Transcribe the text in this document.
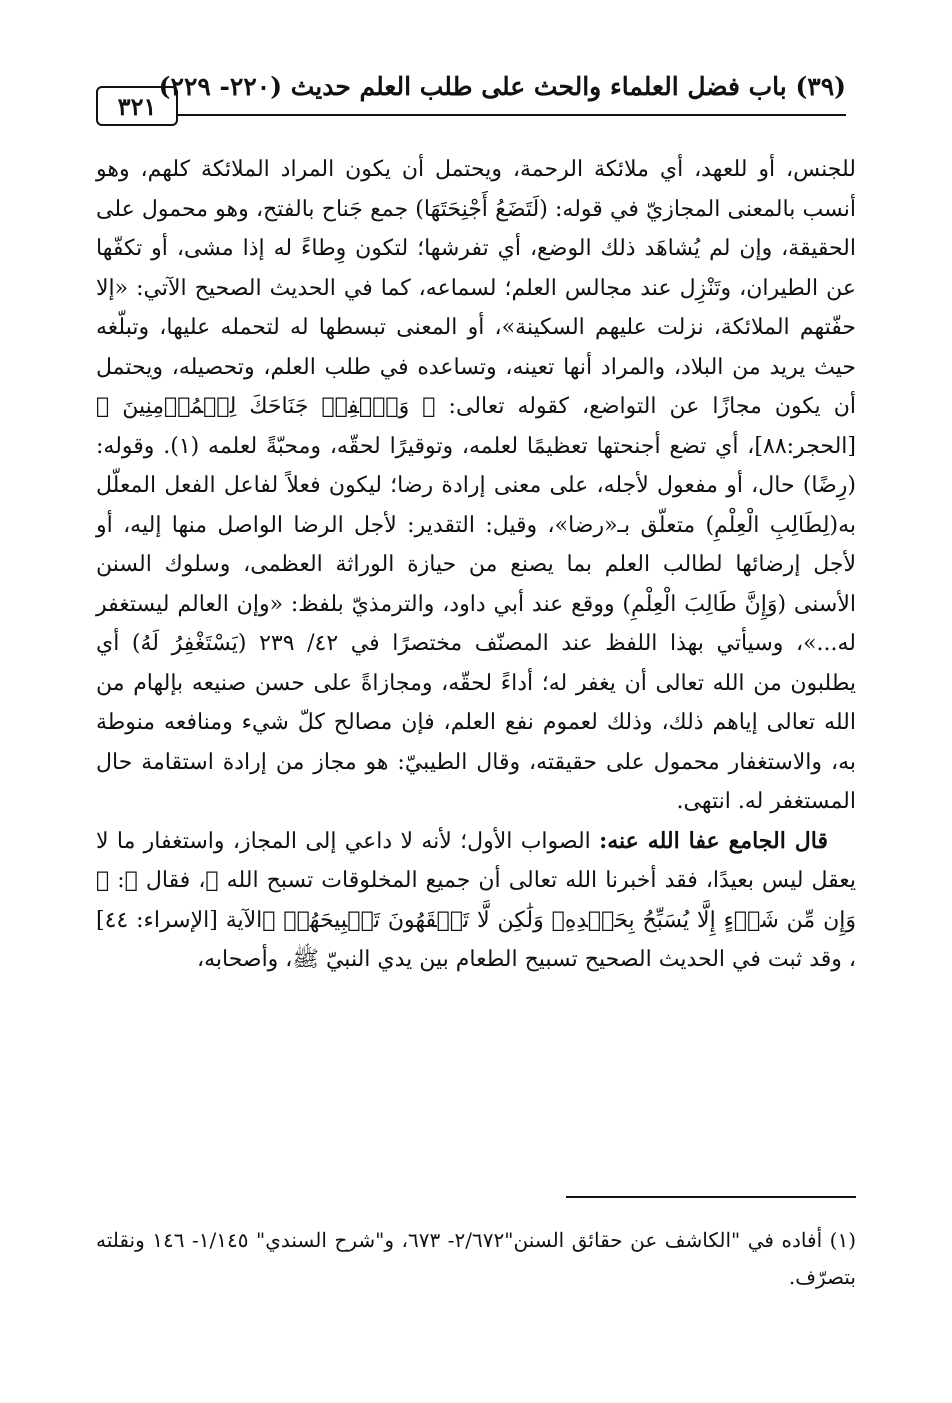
(٣٩) باب فضل العلماء والحث على طلب العلم حديث (٢٢٠- ٢٢٩)
٣٢١

للجنس، أو للعهد، أي ملائكة الرحمة، ويحتمل أن يكون المراد الملائكة كلهم، وهو أنسب بالمعنى المجازيّ في قوله: (لَتَضَعُ أَجْنِحَتَهَا) جمع جَناح بالفتح، وهو محمول على الحقيقة، وإن لم يُشاهَد ذلك الوضع، أي تفرشها؛ لتكون وِطاءً له إذا مشى، أو تكفّها عن الطيران، وتَنْزِل عند مجالس العلم؛ لسماعه، كما في الحديث الصحيح الآتي: «إلا حفّتهم الملائكة، نزلت عليهم السكينة»، أو المعنى تبسطها له لتحمله عليها، وتبلّغه حيث يريد من البلاد، والمراد أنها تعينه، وتساعده في طلب العلم، وتحصيله، ويحتمل أن يكون مجازًا عن التواضع، كقوله تعالى: ﴿ وَٱخۡفِضۡ جَنَاحَكَ لِلۡمُؤۡمِنِينَ ﴾ [الحجر:٨٨]، أي تضع أجنحتها تعظيمًا لعلمه، وتوقيرًا لحقّه، ومحبّةً لعلمه (١). وقوله: (رِضًا) حال، أو مفعول لأجله، على معنى إرادة رضا؛ ليكون فعلاً لفاعل الفعل المعلّل به(لِطَالِبِ الْعِلْمِ) متعلّق بـ«رضا»، وقيل: التقدير: لأجل الرضا الواصل منها إليه، أو لأجل إرضائها لطالب العلم بما يصنع من حيازة الوراثة العظمى، وسلوك السنن الأسنى (وَإِنَّ طَالِبَ الْعِلْمِ) ووقع عند أبي داود، والترمذيّ بلفظ: «وإن العالم ليستغفر له...»، وسيأتي بهذا اللفظ عند المصنّف مختصرًا في ٤٢/ ٢٣٩ (يَسْتَغْفِرُ لَهُ) أي يطلبون من الله تعالى أن يغفر له؛ أداءً لحقّه، ومجازاةً على حسن صنيعه بإلهام من الله تعالى إياهم ذلك، وذلك لعموم نفع العلم، فإن مصالح كلّ شيء ومنافعه منوطة به، والاستغفار محمول على حقيقته، وقال الطيبيّ: هو مجاز من إرادة استقامة حال المستغفر له. انتهى.

قال الجامع عفا الله عنه: الصواب الأول؛ لأنه لا داعي إلى المجاز، واستغفار ما لا يعقل ليس بعيدًا، فقد أخبرنا الله تعالى أن جميع المخلوقات تسبح الله ﷻ، فقال ﷻ: ﴿ وَإِن مِّن شَيۡءٍ إِلَّا يُسَبِّحُ بِحَمۡدِهِۦ وَلَٰكِن لَّا تَفۡقَهُونَ تَسۡبِيحَهُمۡ ﴾الآية [الإسراء: ٤٤] ، وقد ثبت في الحديث الصحيح تسبيح الطعام بين يدي النبيّ ﷺ، وأصحابه،

(١) أفاده في "الكاشف عن حقائق السنن"٢/٦٧٢- ٦٧٣، و"شرح السندي" ١/١٤٥- ١٤٦ ونقلته بتصرّف.
